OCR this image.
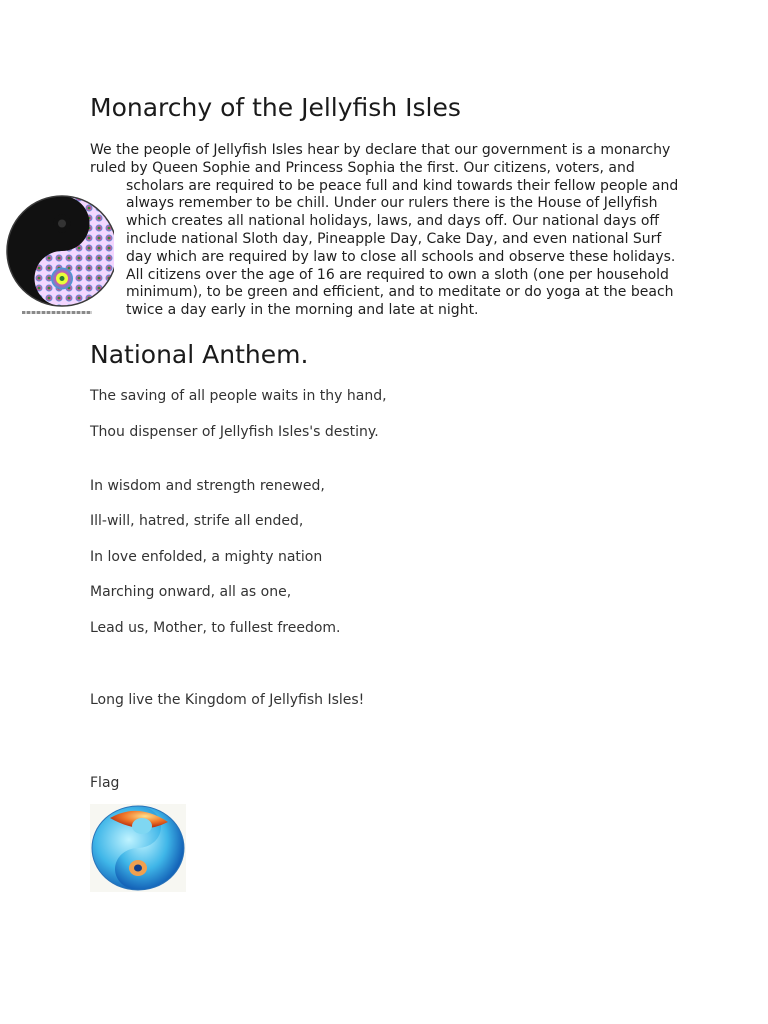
Monarchy of the Jellyfish Isles
We the people of Jellyfish Isles hear by declare that our government is a monarchy
ruled by Queen Sophie and Princess Sophia the first. Our citizens, voters, and
scholars are required to be peace full and kind towards their fellow people and
always remember to be chill. Under our rulers there is the House of Jellyfish
which creates all national holidays, laws, and days off. Our national days off
include national Sloth day, Pineapple Day, Cake Day, and even national Surf
day which are required by law to close all schools and observe these holidays.
All citizens over the age of 16 are required to own a sloth (one per household
minimum), to be green and efficient, and to meditate or do yoga at the beach
twice a day early in the morning and late at night.
National Anthem.

The saving of all people waits in thy hand,

Thou dispenser of Jellyfish Isles's destiny.

In wisdom and strength renewed,

Ill-will, hatred, strife all ended,

In love enfolded, a mighty nation

Marching onward, all as one,

Lead us, Mother, to fullest freedom.

Long live the Kingdom of Jellyfish Isles!

Flag
